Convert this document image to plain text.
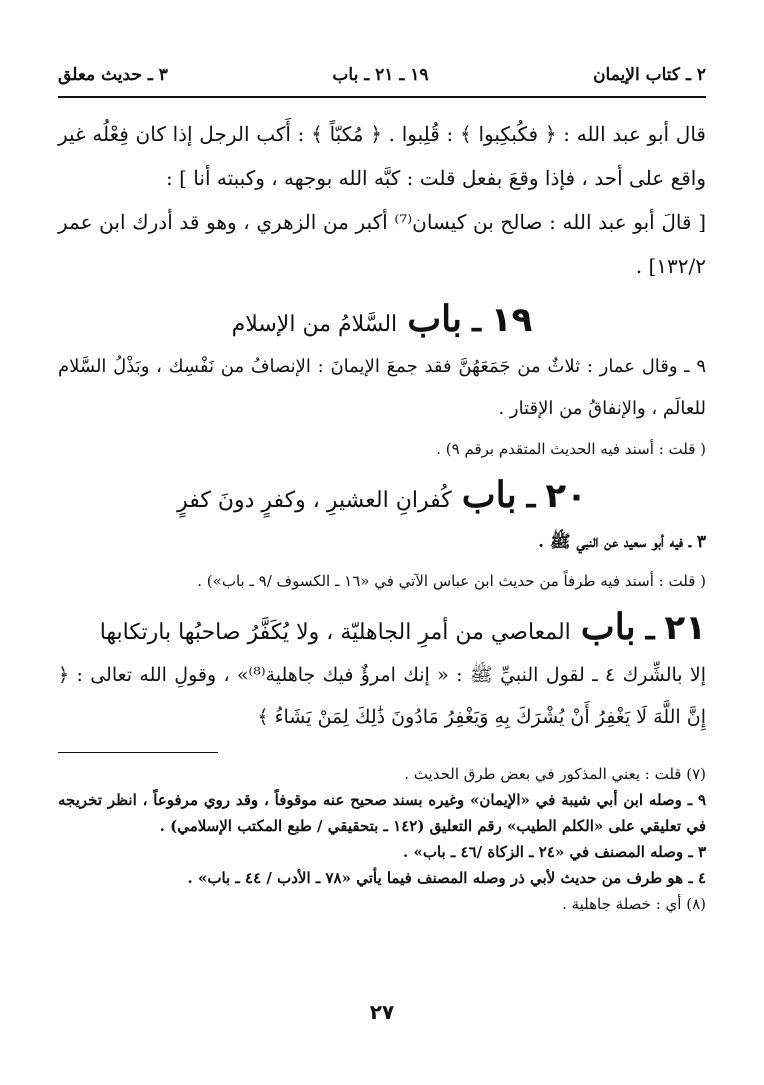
٢ ـ كتاب الإيمان
١٩ ـ ٢١ ـ باب
٣ ـ حديث معلق

قال أبو عبد الله : ﴿ فكُبكِبوا ﴾ : قُلِبوا . ﴿ مُكبّاً ﴾ : أَكب الرجل إذا كان فِعْلُه غير واقع على أحد ، فإذا وقعَ بفعل قلت : كبَّه الله بوجهه ، وكببته أنا ] :

[ قالَ أبو عبد الله : صالح بن كيسان⁽⁷⁾ أكبر من الزهري ، وهو قد أدرك ابن عمر ١٣٢/٢] .

١٩
ـ
باب
السَّلامُ من الإسلام

٩ ـ وقال عمار : ثلاثٌ من جَمَعَهُنَّ فقد جمعَ الإيمانَ : الإنصافُ من نَفْسِك ، وبَذْلُ السَّلام للعالَم ، والإنفاقُ من الإقتار .

( قلت : أسند فيه الحديث المتقدم برقم ٩) .

٢٠
ـ
باب
كُفرانِ العشيرِ ، وكفرٍ دونَ كفرٍ

٣ ـ فيه أبو سعيد عن النبي ﷺ .

( قلت : أسند فيه طرفاً من حديث ابن عباس الآتي في «١٦ ـ الكسوف /٩ ـ باب») .

٢١
ـ
باب
المعاصي من أمرِ الجاهليّة ، ولا يُكَفَّرُ صاحبُها بارتكابها

إلا بالشِّرك ٤ ـ لقول النبيِّ ﷺ : « إنك امرؤٌ فيك جاهلية⁽⁸⁾» ، وقولِ الله تعالى : ﴿ إِنَّ اللَّهَ لَا يَغْفِرُ أَنْ يُشْرَكَ بِهِ وَيَغْفِرُ مَادُونَ ذَٰلِكَ لِمَنْ يَشَاءُ ﴾

(٧) قلت : يعني المذكور في بعض طرق الحديث .

٩ ـ وصله ابن أبي شيبة في «الإيمان» وغيره بسند صحيح عنه موقوفاً ، وقد روي مرفوعاً ، انظر تخريجه في تعليقي على «الكلم الطيب» رقم التعليق (١٤٢ ـ بتحقيقي / طبع المكتب الإسلامي) .

٣ ـ وصله المصنف في «٢٤ ـ الزكاة /٤٦ ـ باب» .

٤ ـ هو طرف من حديث لأبي ذر وصله المصنف فيما يأتي «٧٨ ـ الأدب / ٤٤ ـ باب» .

(٨) أي : خصلة جاهلية .

٢٧
